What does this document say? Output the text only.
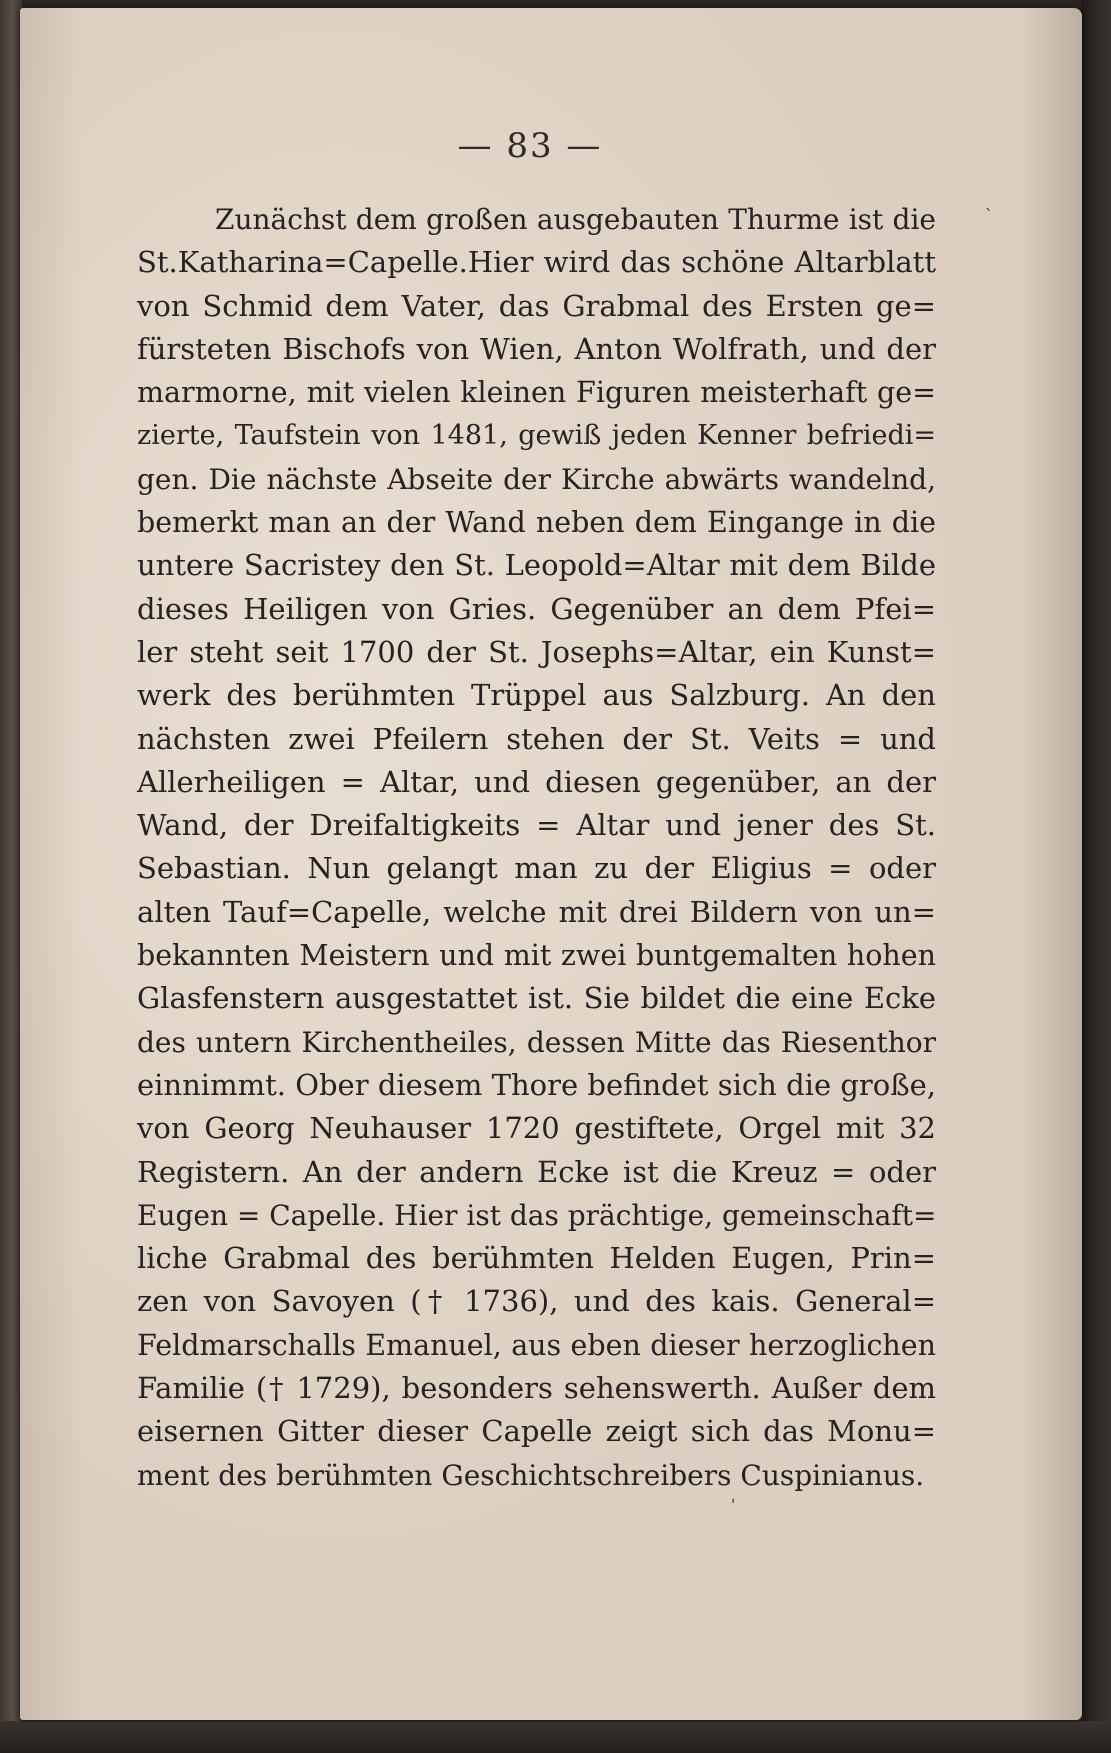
— 83 —
Zunächst dem großen ausgebauten Thurme ist die
St.Katharina=Capelle.Hier wird das schöne Altarblatt
von Schmid dem Vater, das Grabmal des Ersten ge=
fürsteten Bischofs von Wien, Anton Wolfrath, und der
marmorne, mit vielen kleinen Figuren meisterhaft ge=
zierte, Taufstein von 1481, gewiß jeden Kenner befriedi=
gen. Die nächste Abseite der Kirche abwärts wandelnd,
bemerkt man an der Wand neben dem Eingange in die
untere Sacristey den St. Leopold=Altar mit dem Bilde
dieses Heiligen von Gries. Gegenüber an dem Pfei=
ler steht seit 1700 der St. Josephs=Altar, ein Kunst=
werk des berühmten Trüppel aus Salzburg. An den
nächsten zwei Pfeilern stehen der St. Veits = und
Allerheiligen = Altar, und diesen gegenüber, an der
Wand, der Dreifaltigkeits = Altar und jener des St.
Sebastian. Nun gelangt man zu der Eligius = oder
alten Tauf=Capelle, welche mit drei Bildern von un=
bekannten Meistern und mit zwei buntgemalten hohen
Glasfenstern ausgestattet ist. Sie bildet die eine Ecke
des untern Kirchentheiles, dessen Mitte das Riesenthor
einnimmt. Ober diesem Thore befindet sich die große,
von Georg Neuhauser 1720 gestiftete, Orgel mit 32
Registern. An der andern Ecke ist die Kreuz = oder
Eugen = Capelle. Hier ist das prächtige, gemeinschaft=
liche Grabmal des berühmten Helden Eugen, Prin=
zen von Savoyen († 1736), und des kais. General=
Feldmarschalls Emanuel, aus eben dieser herzoglichen
Familie († 1729), besonders sehenswerth. Außer dem
eisernen Gitter dieser Capelle zeigt sich das Monu=
ment des berühmten Geschichtschreibers Cuspinianus.
`
'
